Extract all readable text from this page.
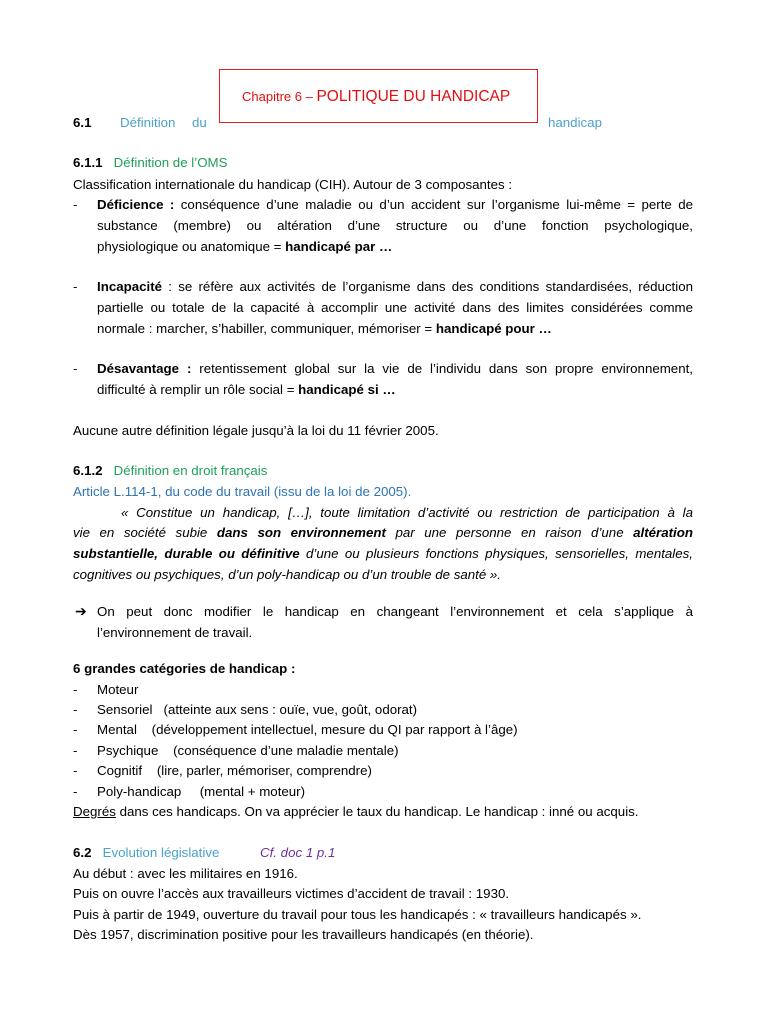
Chapitre 6 – POLITIQUE DU HANDICAP
6.1 Définition du	handicap
6.1.1 Définition de l’OMS
Classification internationale du handicap (CIH). Autour de 3 composantes :
- Déficience : conséquence d’une maladie ou d’un accident sur l’organisme lui-même = perte de
substance (membre) ou altération d’une structure ou d’une fonction psychologique,
physiologique ou anatomique = handicapé par …
- Incapacité : se réfère aux activités de l’organisme dans des conditions standardisées, réduction
partielle ou totale de la capacité à accomplir une activité dans des limites considérées comme
normale : marcher, s’habiller, communiquer, mémoriser = handicapé pour …
- Désavantage : retentissement global sur la vie de l’individu dans son propre environnement,
difficulté à remplir un rôle social = handicapé si …
Aucune autre définition légale jusqu’à la loi du 11 février 2005.
6.1.2 Définition en droit français
Article L.114-1, du code du travail (issu de la loi de 2005).
« Constitue un handicap, […], toute limitation d’activité ou restriction de participation à la
vie en société subie dans son environnement par une personne en raison d’une altération
substantielle, durable ou définitive d’une ou plusieurs fonctions physiques, sensorielles, mentales,
cognitives ou psychiques, d’un poly-handicap ou d’un trouble de santé ».
➔ On peut donc modifier le handicap en changeant l’environnement et cela s’applique à
l’environnement de travail.
6 grandes catégories de handicap :
- Moteur
- Sensoriel   (atteinte aux sens : ouïe, vue, goût, odorat)
- Mental    (développement intellectuel, mesure du QI par rapport à l’âge)
- Psychique    (conséquence d’une maladie mentale)
- Cognitif    (lire, parler, mémoriser, comprendre)
- Poly-handicap     (mental + moteur)
Degrés dans ces handicaps. On va apprécier le taux du handicap. Le handicap : inné ou acquis.
6.2 Evolution législative	Cf. doc 1 p.1
Au début : avec les militaires en 1916.
Puis on ouvre l’accès aux travailleurs victimes d’accident de travail : 1930.
Puis à partir de 1949, ouverture du travail pour tous les handicapés : « travailleurs handicapés ».
Dès 1957, discrimination positive pour les travailleurs handicapés (en théorie).
